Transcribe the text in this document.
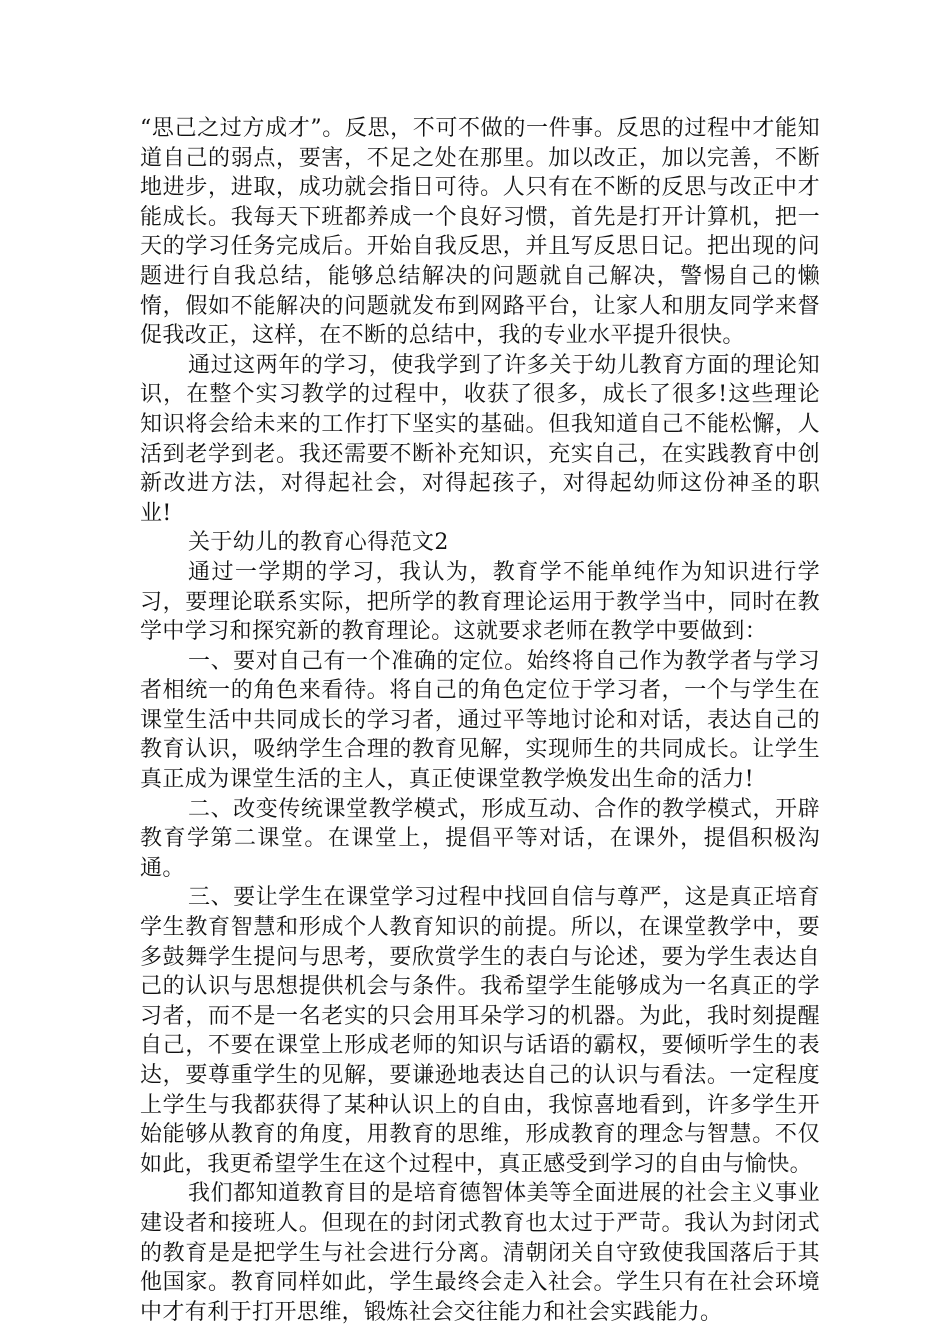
“思己之过方成才”。反思，不可不做的一件事。反思的过程中才能知道自己的弱点，要害，不足之处在那里。加以改正，加以完善，不断地进步，进取，成功就会指日可待。人只有在不断的反思与改正中才能成长。我每天下班都养成一个良好习惯，首先是打开计算机，把一天的学习任务完成后。开始自我反思，并且写反思日记。把出现的问题进行自我总结，能够总结解决的问题就自己解决，警惕自己的懒惰，假如不能解决的问题就发布到网路平台，让家人和朋友同学来督促我改正，这样，在不断的总结中，我的专业水平提升很快。

通过这两年的学习，使我学到了许多关于幼儿教育方面的理论知识，在整个实习教学的过程中，收获了很多，成长了很多!这些理论知识将会给未来的工作打下坚实的基础。但我知道自己不能松懈，人活到老学到老。我还需要不断补充知识，充实自己，在实践教育中创新改进方法，对得起社会，对得起孩子，对得起幼师这份神圣的职业!

关于幼儿的教育心得范文2

通过一学期的学习，我认为，教育学不能单纯作为知识进行学习，要理论联系实际，把所学的教育理论运用于教学当中，同时在教学中学习和探究新的教育理论。这就要求老师在教学中要做到：

一、要对自己有一个准确的定位。始终将自己作为教学者与学习者相统一的角色来看待。将自己的角色定位于学习者，一个与学生在课堂生活中共同成长的学习者，通过平等地讨论和对话，表达自己的教育认识，吸纳学生合理的教育见解，实现师生的共同成长。让学生真正成为课堂生活的主人，真正使课堂教学焕发出生命的活力!

二、改变传统课堂教学模式，形成互动、合作的教学模式，开辟教育学第二课堂。在课堂上，提倡平等对话，在课外，提倡积极沟通。

三、要让学生在课堂学习过程中找回自信与尊严，这是真正培育学生教育智慧和形成个人教育知识的前提。所以，在课堂教学中，要多鼓舞学生提问与思考，要欣赏学生的表白与论述，要为学生表达自己的认识与思想提供机会与条件。我希望学生能够成为一名真正的学习者，而不是一名老实的只会用耳朵学习的机器。为此，我时刻提醒自己，不要在课堂上形成老师的知识与话语的霸权，要倾听学生的表达，要尊重学生的见解，要谦逊地表达自己的认识与看法。一定程度上学生与我都获得了某种认识上的自由，我惊喜地看到，许多学生开始能够从教育的角度，用教育的思维，形成教育的理念与智慧。不仅如此，我更希望学生在这个过程中，真正感受到学习的自由与愉快。

我们都知道教育目的是培育德智体美等全面进展的社会主义事业建设者和接班人。但现在的封闭式教育也太过于严苛。我认为封闭式的教育是是把学生与社会进行分离。清朝闭关自守致使我国落后于其他国家。教育同样如此，学生最终会走入社会。学生只有在社会环境中才有利于打开思维，锻炼社会交往能力和社会实践能力。
